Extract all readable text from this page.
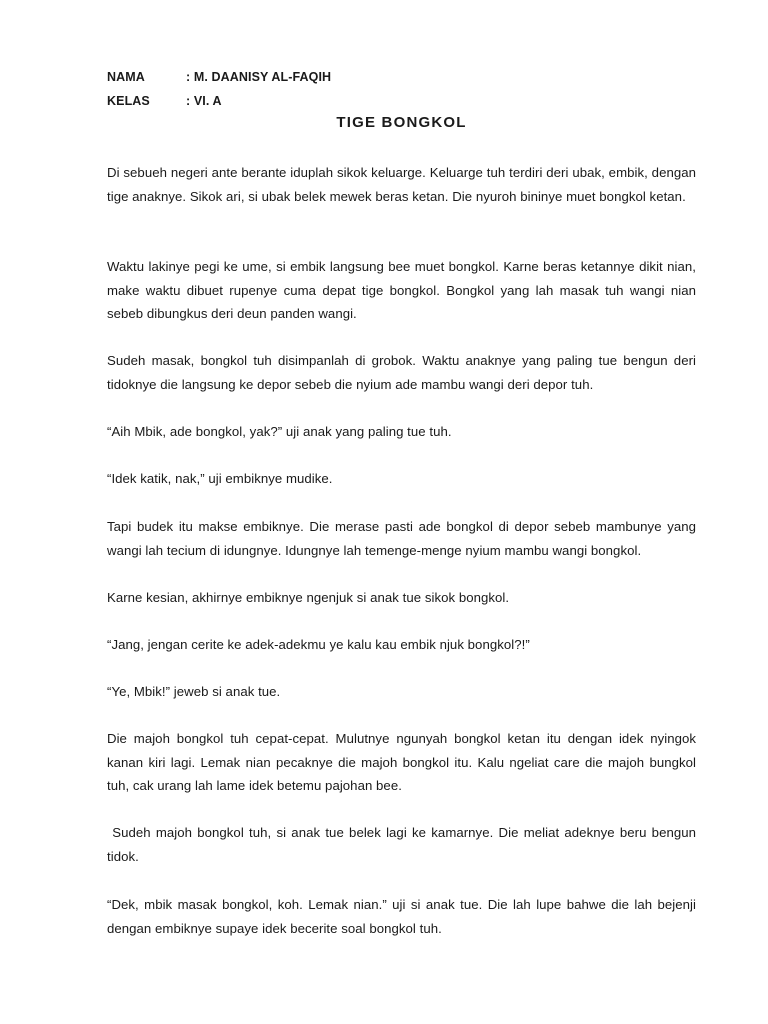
NAMA	: M. DAANISY AL-FAQIH
KELAS	: VI. A
TIGE BONGKOL

Di sebueh negeri ante berante iduplah sikok keluarge. Keluarge tuh terdiri deri ubak, embik, dengan tige anaknye. Sikok ari, si ubak belek mewek beras ketan. Die nyuroh bininye muet bongkol ketan.

Waktu lakinye pegi ke ume, si embik langsung bee muet bongkol. Karne beras ketannye dikit nian, make waktu dibuet rupenye cuma depat tige bongkol. Bongkol yang lah masak tuh wangi nian sebeb dibungkus deri deun panden wangi.

Sudeh masak, bongkol tuh disimpanlah di grobok. Waktu anaknye yang paling tue bengun deri tidoknye die langsung ke depor sebeb die nyium ade mambu wangi deri depor tuh.

“Aih Mbik, ade bongkol, yak?” uji anak yang paling tue tuh.

“Idek katik, nak,” uji embiknye mudike.

Tapi budek itu makse embiknye. Die merase pasti ade bongkol di depor sebeb mambunye yang wangi lah tecium di idungnye. Idungnye lah temenge-menge nyium mambu wangi bongkol.

Karne kesian, akhirnye embiknye ngenjuk si anak tue sikok bongkol.

“Jang, jengan cerite ke adek-adekmu ye kalu kau embik njuk bongkol?!”

“Ye, Mbik!” jeweb si anak tue.

Die majoh bongkol tuh cepat-cepat. Mulutnye ngunyah bongkol ketan itu dengan idek nyingok kanan kiri lagi. Lemak nian pecaknye die majoh bongkol itu. Kalu ngeliat care die majoh bungkol tuh, cak urang lah lame idek betemu pajohan bee.

Sudeh majoh bongkol tuh, si anak tue belek lagi ke kamarnye. Die meliat adeknye beru bengun tidok.

“Dek, mbik masak bongkol, koh. Lemak nian.” uji si anak tue. Die lah lupe bahwe die lah bejenji dengan embiknye supaye idek becerite soal bongkol tuh.
